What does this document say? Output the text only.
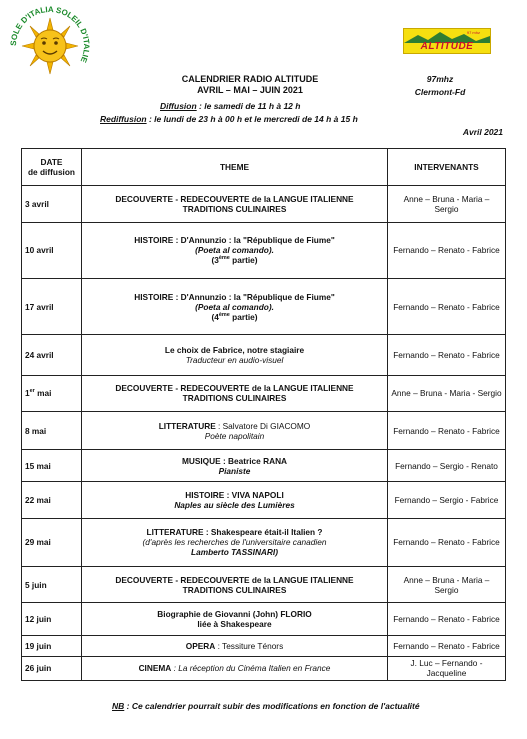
SOLE D'ITALIA SOLEIL D'ITALIE
97 mhz
ALTITUDE
CALENDRIER RADIO ALTITUDE
AVRIL – MAI – JUIN 2021
97mhz
Clermont-Fd
Diffusion : le samedi de 11 h à 12 h
Rediffusion : le lundi de 23 h à 00 h et le mercredi de 14 h à 15 h
Avril 2021
DATE
de diffusion	THEME	INTERVENANTS
3 avril	DECOUVERTE - REDECOUVERTE de la LANGUE ITALIENNE
TRADITIONS CULINAIRES	Anne – Bruna - Maria – Sergio
10 avril	HISTOIRE : D'Annunzio : la "République de Fiume"
(Poeta al comando).
(3ème partie)	Fernando – Renato - Fabrice
17 avril	HISTOIRE : D'Annunzio : la "République de Fiume"
(Poeta al comando).
(4ème partie)	Fernando – Renato - Fabrice
24 avril	Le choix de Fabrice, notre stagiaire
Traducteur en audio-visuel	Fernando – Renato - Fabrice
1er mai	DECOUVERTE - REDECOUVERTE de la LANGUE ITALIENNE
TRADITIONS CULINAIRES	Anne – Bruna - Maria - Sergio
8 mai	LITTERATURE : Salvatore Di GIACOMO
Poète napolitain	Fernando – Renato - Fabrice
15 mai	MUSIQUE : Beatrice RANA
Pianiste	Fernando – Sergio - Renato
22 mai	HISTOIRE : VIVA NAPOLI
Naples au siècle des Lumières	Fernando – Sergio - Fabrice
29 mai	LITTERATURE : Shakespeare était-il Italien ?
(d'après les recherches de l'universitaire canadien
Lamberto TASSINARI)	Fernando – Renato - Fabrice
5 juin	DECOUVERTE - REDECOUVERTE de la LANGUE ITALIENNE
TRADITIONS CULINAIRES	Anne – Bruna - Maria – Sergio
12 juin	Biographie de Giovanni (John) FLORIO
liée à Shakespeare	Fernando – Renato - Fabrice
19 juin	OPERA : Tessiture Ténors	Fernando – Renato - Fabrice
26 juin	CINEMA : La réception du Cinéma Italien en France	J. Luc – Fernando - Jacqueline
NB : Ce calendrier pourrait subir des modifications en fonction de l'actualité
